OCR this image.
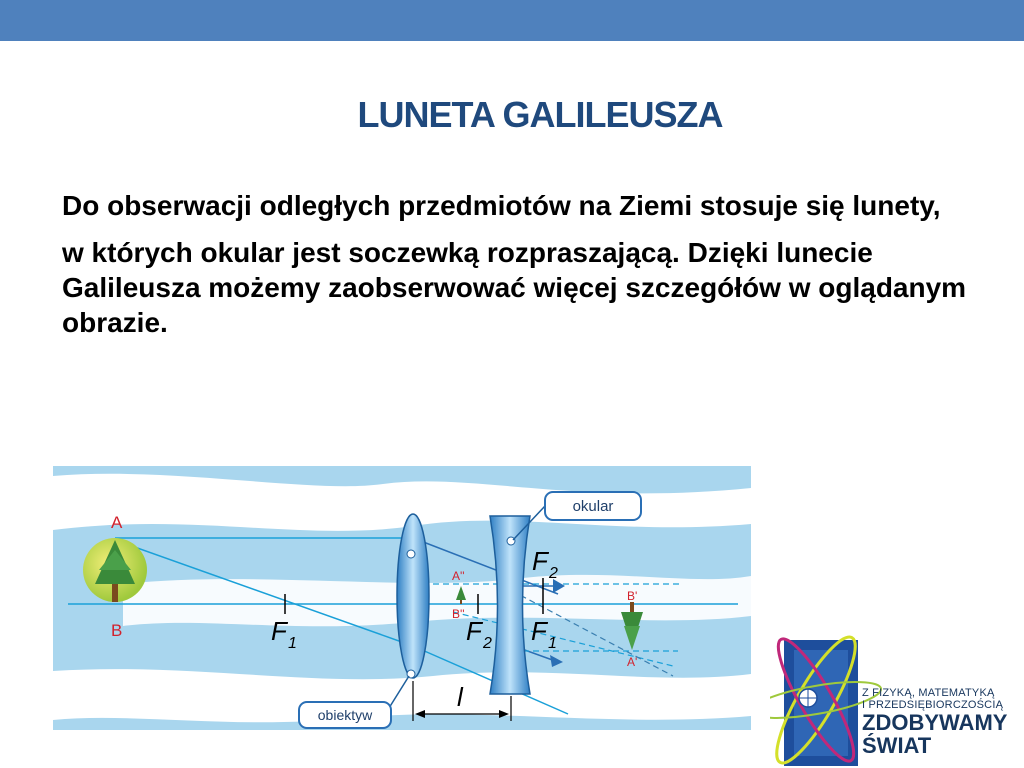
LUNETA GALILEUSZA

Do obserwacji odległych przedmiotów na Ziemi stosuje się lunety,

w których okular jest soczewką rozpraszającą. Dzięki lunecie Galileusza możemy zaobserwować więcej szczegółów w oglądanym obrazie.

okular
obiektyw
A
B
A''
B''
B'
A'
F 1	F 2 F 1
F 2
l	Z FIZYKĄ, MATEMATYKĄ
I PRZEDSIĘBIORCZOŚCIĄ
ZDOBYWAMY
ŚWIAT
